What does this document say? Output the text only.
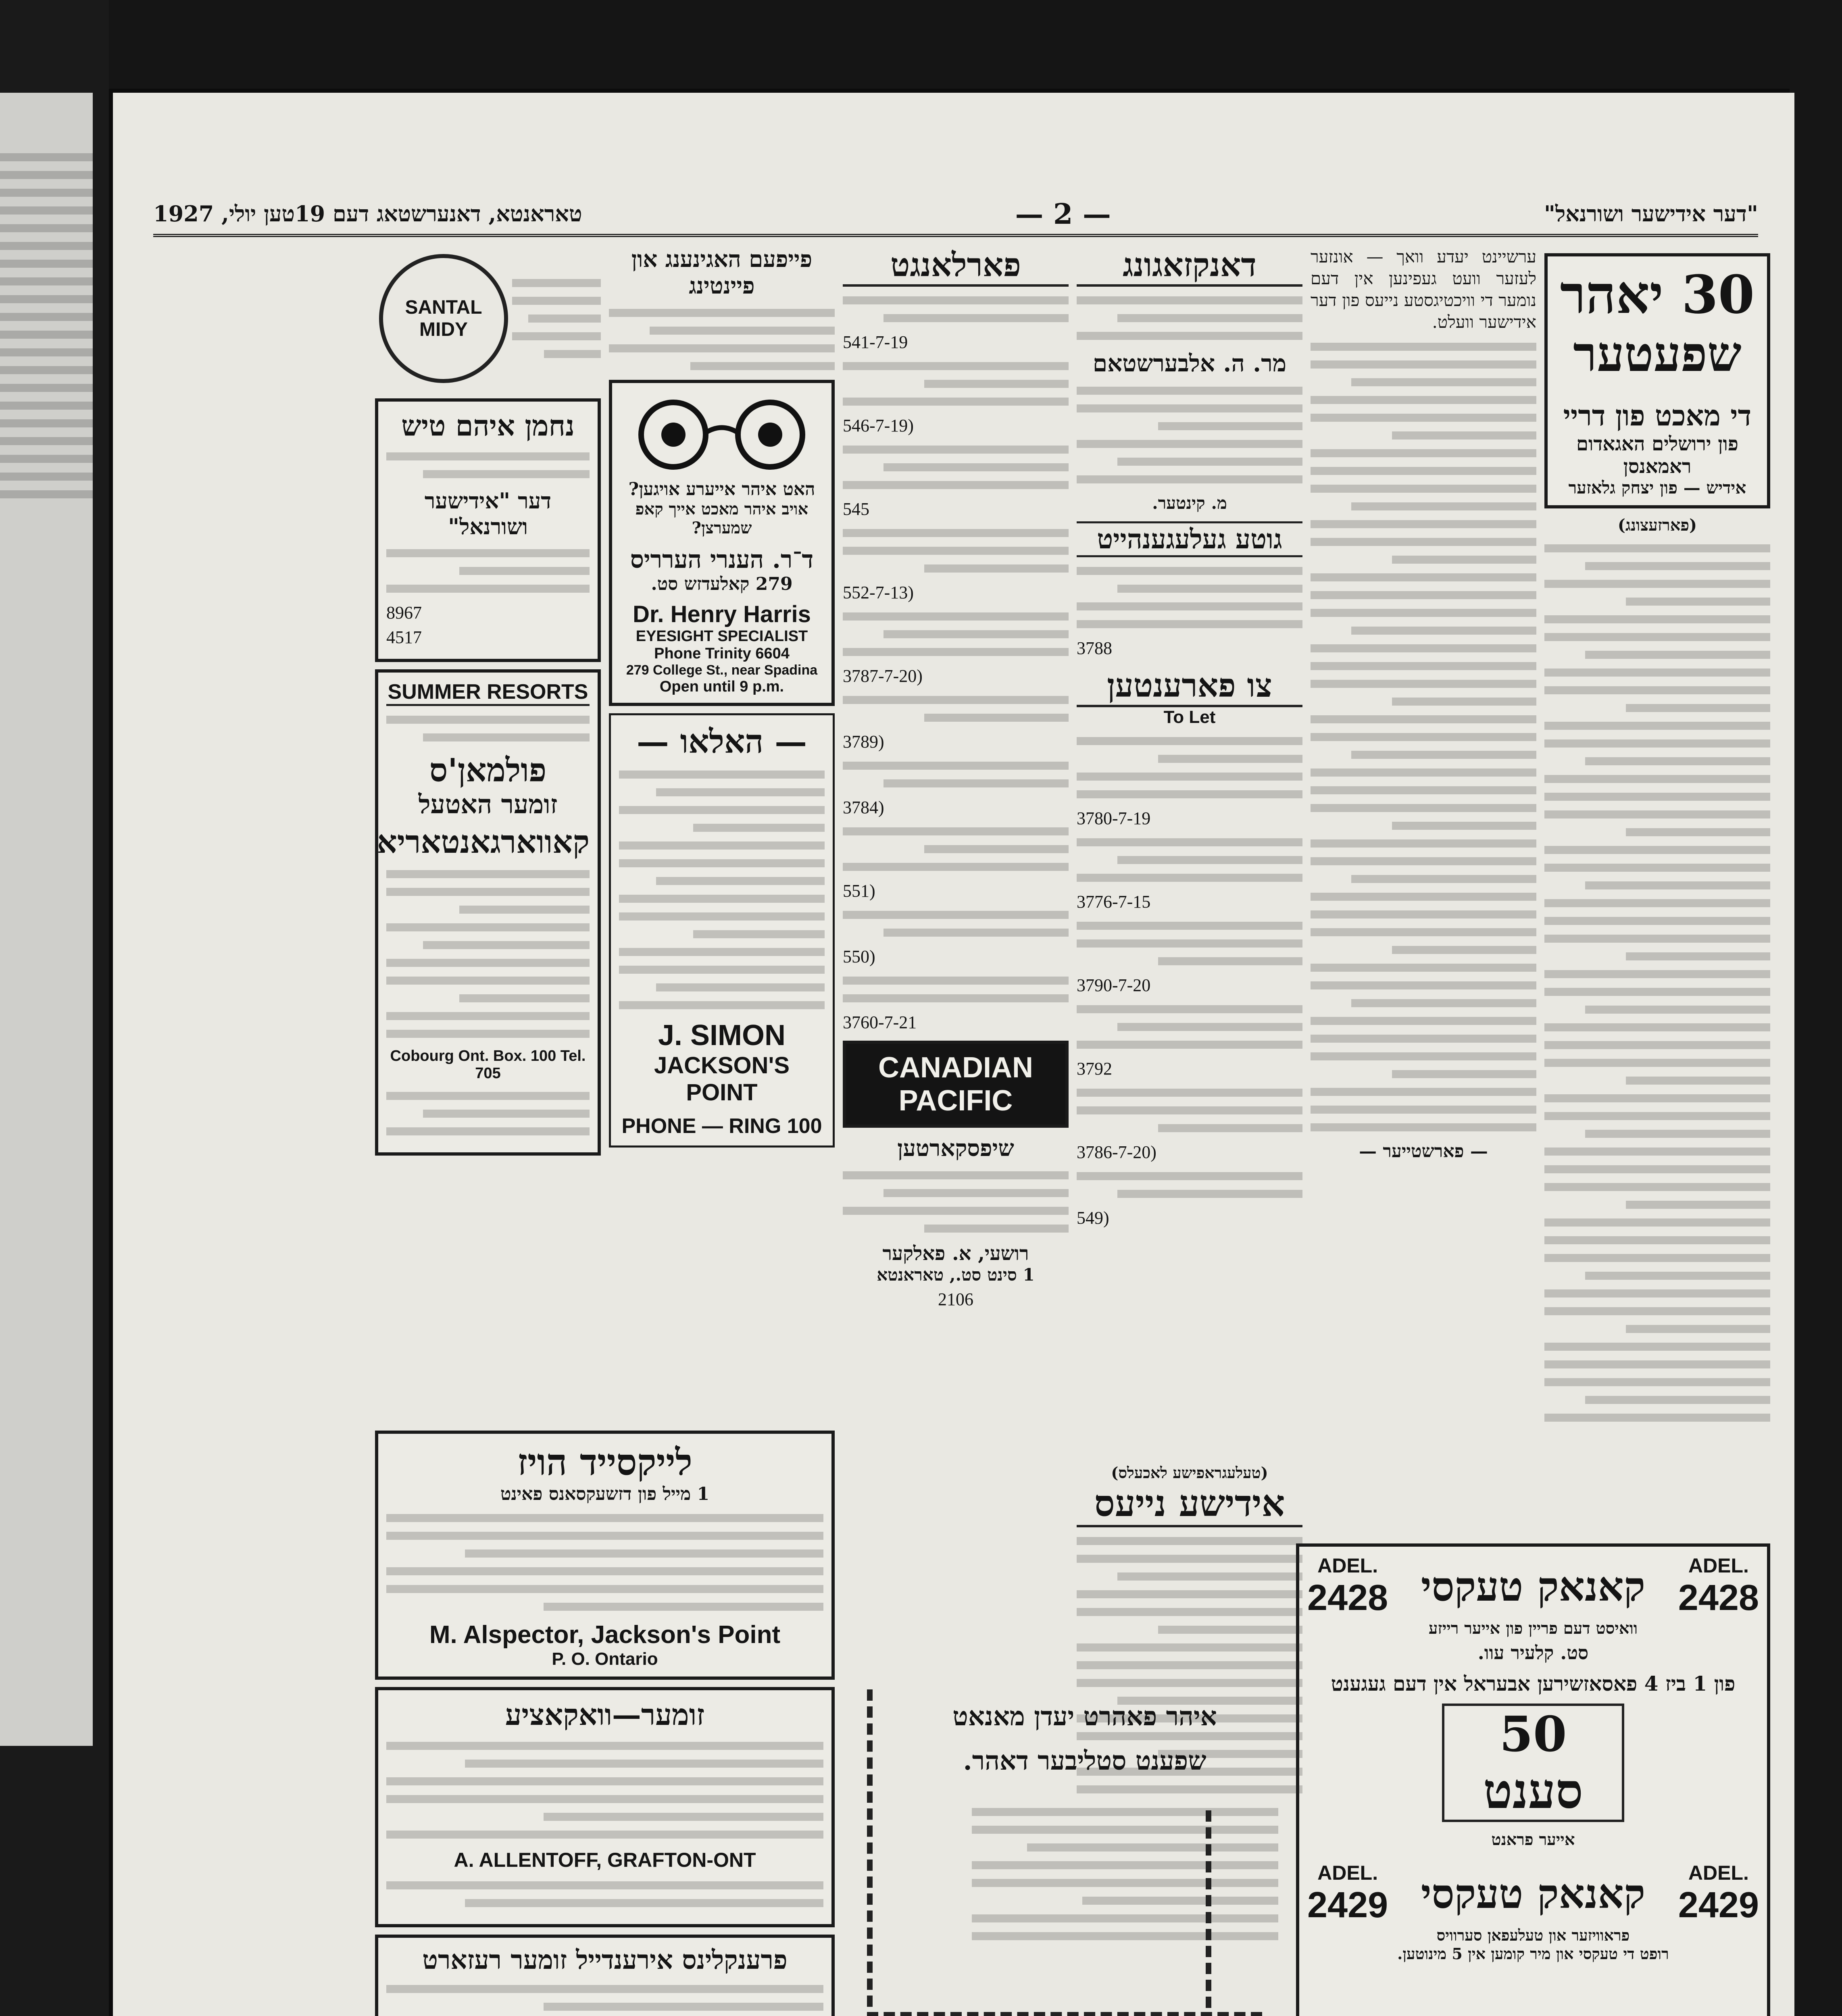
"דער אידישער ושורנאל"
— 2 —
טאראנטא, דאנערשטאג דעם 19טען יולי, 1927
30 יאהר
שפעטער
די מאכט פון דריי
פון ירושלים האגאדום ראמאנסן
אידיש — פון יצחק גלאזער
(פארזעצונג)
ערשיינט יעדע וואך — אונזער לעזער וועט געפינען אין דעם נומער די וויכטיגסטע נייעס פון דער אידישער וועלט.
— פארשטייער —
ADEL.
2428 קאנאק טעקסי	ADEL.
2428
וואיסט דעם פריין פון אייער רייזע
סט. קלעיר עוו.
פון 1 ביז 4 פאסאזשירען אבעראל אין דעם געגענט
50 סענט
אייער פראנט
ADEL.
2429 קאנאק טעקסי	ADEL.
2429
פראוויזער און טעלעפאן סערוויס
רופט די טעקסי און מיר קומען אין 5 מינוטען.
דאנקזאגונג
מר. ה. אלבערשטאם
מ. קינטער.
גוטע געלעגענהייט
3788
צו פארענטען
To Let
3780-7-19
3776-7-15
3790-7-20
3792
3786-7-20)
549)
(טעלעגראפישע לאכעלס)
אידישע נייעס
פארלאנגט
541-7-19
546-7-19)
545
552-7-13)
3787-7-20)
3789)
3784)
551)
550)
3760-7-21
CANADIAN PACIFIC
שיפסקארטען
רושעי, א. פאלקער
1 סינט סט., טאראנטא
2106
איהר פאהרט יעדן מאנאט
שפענט סטליבער דאהר.
פייפעם האגינענג און פיינטינג
האט איהר אייערע אויגען?
אויב איהר מאכט אייך קאפ שמערצן?
ד־ר. הענרי הערריס
279 קאלעדזש סט.
Dr. Henry Harris
EYESIGHT SPECIALIST
Phone Trinity 6604
279 College St., near Spadina
Open until 9 p.m.
— האלאו —
J. SIMON
JACKSON'S POINT
PHONE — RING 100
SANTAL
MIDY
נחמן איהם טיש
דער "אידישער ושורנאל"
8967
4517
SUMMER RESORTS
פולמאן'ס
זומער האטעל
קאווארגאנטאריא
Cobourg Ont. Box. 100 Tel. 705
לייקסייד הויז
1 מייל פון דזשעקסאנס פאינט
M. Alspector, Jackson's Point
P. O. Ontario
זומער—וואקאציע
A. ALLENTOFF, GRAFTON-ONT
פרענקלינס אירענדייל זומער רעזארט
